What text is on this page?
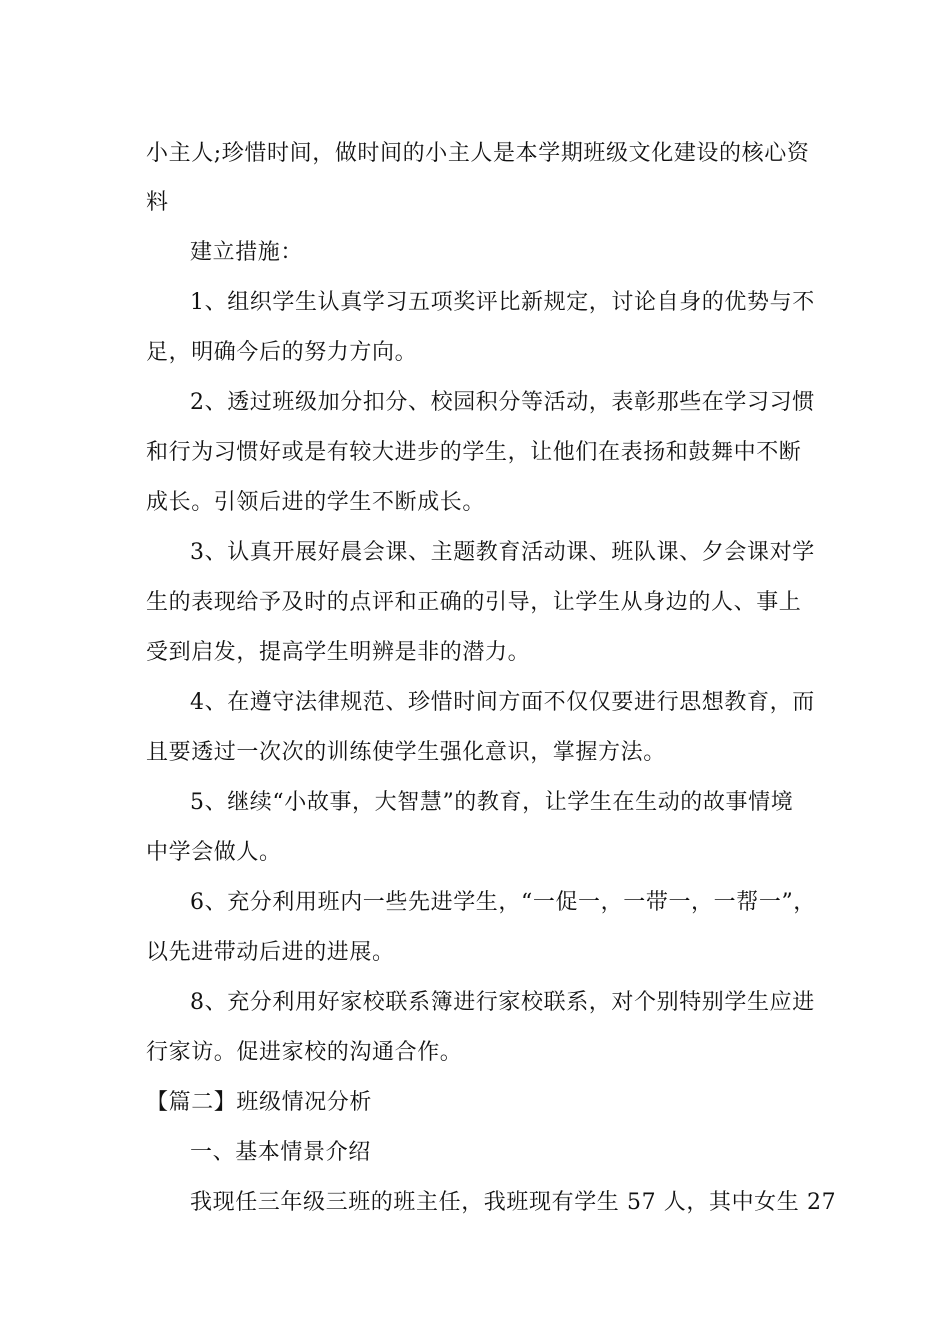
小主人;珍惜时间，做时间的小主人是本学期班级文化建设的核心资
料
建立措施：
1、组织学生认真学习五项奖评比新规定，讨论自身的优势与不
足，明确今后的努力方向。
2、透过班级加分扣分、校园积分等活动，表彰那些在学习习惯
和行为习惯好或是有较大进步的学生，让他们在表扬和鼓舞中不断
成长。引领后进的学生不断成长。
3、认真开展好晨会课、主题教育活动课、班队课、夕会课对学
生的表现给予及时的点评和正确的引导，让学生从身边的人、事上
受到启发，提高学生明辨是非的潜力。
4、在遵守法律规范、珍惜时间方面不仅仅要进行思想教育，而
且要透过一次次的训练使学生强化意识，掌握方法。
5、继续“小故事，大智慧”的教育，让学生在生动的故事情境
中学会做人。
6、充分利用班内一些先进学生，“一促一，一带一，一帮一”，
以先进带动后进的进展。
8、充分利用好家校联系簿进行家校联系，对个别特别学生应进
行家访。促进家校的沟通合作。
【篇二】班级情况分析
一、基本情景介绍
我现任三年级三班的班主任，我班现有学生 57 人，其中女生 27
